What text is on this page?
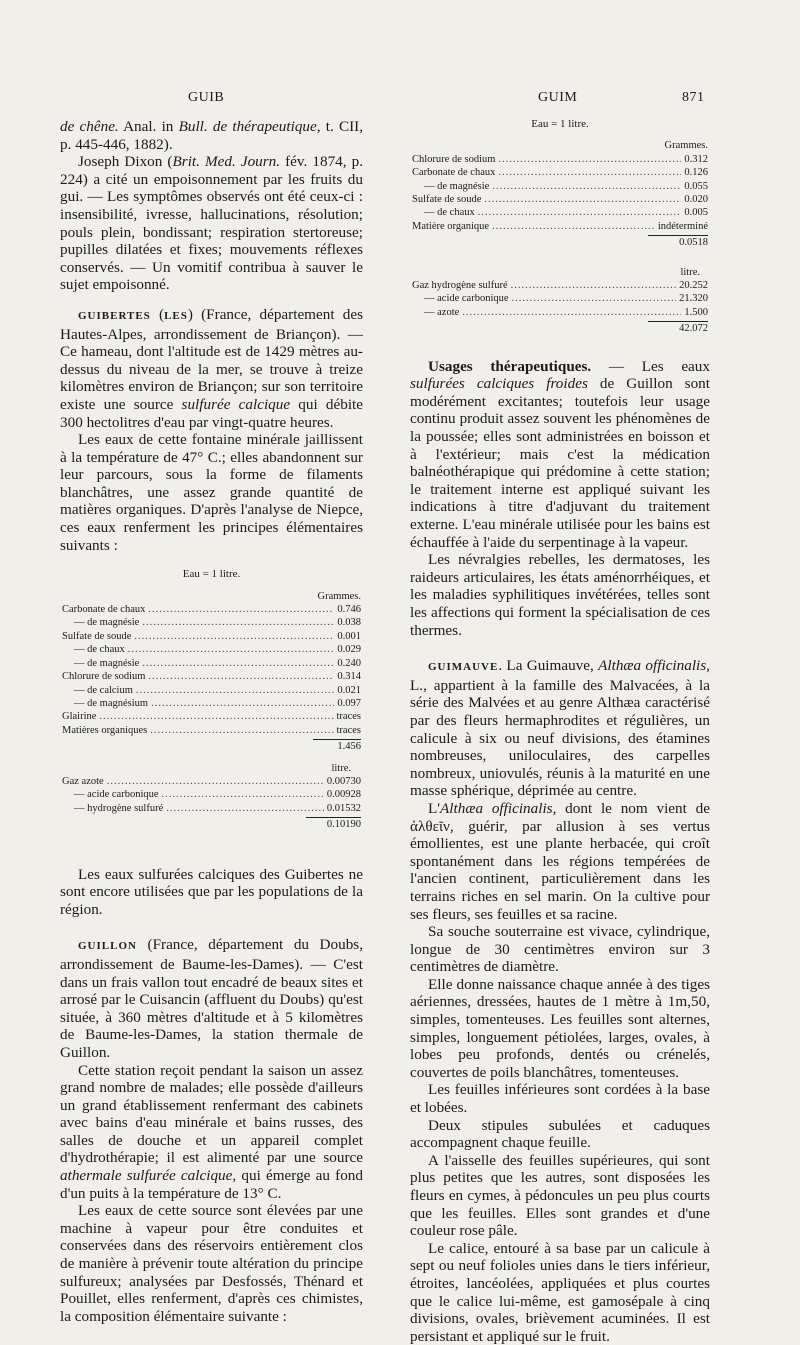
GUIB	GUIM	871

de chêne. Anal. in Bull. de thérapeutique, t. CII, p. 445-446, 1882).

Joseph Dixon (Brit. Med. Journ. fév. 1874, p. 224) a cité un empoisonnement par les fruits du gui. — Les symptômes observés ont été ceux-ci : insensibilité, ivresse, hallucinations, résolution; pouls plein, bondissant; respiration stertoreuse; pupilles dilatées et fixes; mouvements réflexes conservés. — Un vomitif contribua à sauver le sujet empoisonné.

GUIBERTES (LES) (France, département des Hautes-Alpes, arrondissement de Briançon). — Ce hameau, dont l'altitude est de 1429 mètres au-dessus du niveau de la mer, se trouve à treize kilomètres environ de Briançon; sur son territoire existe une source sulfurée calcique qui débite 300 hectolitres d'eau par vingt-quatre heures.

Les eaux de cette fontaine minérale jaillissent à la température de 47° C.; elles abandonnent sur leur parcours, sous la forme de filaments blanchâtres, une assez grande quantité de matières organiques. D'après l'analyse de Niepce, ces eaux renferment les principes élémentaires suivants :

Eau = 1 litre.
Grammes.
Carbonate de chaux .....	0.746
— de magnésie .....	0.038
Sulfate de soude .....	0.001
— de chaux .....	0.029
— de magnésie .....	0.240
Chlorure de sodium .....	0.314
— de calcium .....	0.021
— de magnésium .....	0.097
Glairine .....	traces
Matières organiques .....	traces
1.456
litre.
Gaz azote .....	0.00730
— acide carbonique .....	0.00928
— hydrogène sulfuré .....	0.01532
0.10190

Les eaux sulfurées calciques des Guibertes ne sont encore utilisées que par les populations de la région.

GUILLON (France, département du Doubs, arrondissement de Baume-les-Dames). — C'est dans un frais vallon tout encadré de beaux sites et arrosé par le Cuisancin (affluent du Doubs) qu'est située, à 360 mètres d'altitude et à 5 kilomètres de Baume-les-Dames, la station thermale de Guillon.

Cette station reçoit pendant la saison un assez grand nombre de malades; elle possède d'ailleurs un grand établissement renfermant des cabinets avec bains d'eau minérale et bains russes, des salles de douche et un appareil complet d'hydrothérapie; il est alimenté par une source athermale sulfurée calcique, qui émerge au fond d'un puits à la température de 13° C.

Les eaux de cette source sont élevées par une machine à vapeur pour être conduites et conservées dans des réservoirs entièrement clos de manière à prévenir toute altération du principe sulfureux; analysées par Desfossés, Thénard et Pouillet, elles renferment, d'après ces chimistes, la composition élémentaire suivante :

Eau = 1 litre.
Grammes.
Chlorure de sodium .....	0.312
Carbonate de chaux .....	0.126
— de magnésie .....	0.055
Sulfate de soude .....	0.020
— de chaux .....	0.005
Matière organique .....	indéterminé
0.0518
litre.
Gaz hydrogène sulfuré .....	20.252
— acide carbonique .....	21.320
— azote .....	1.500
42.072

Usages thérapeutiques. — Les eaux sulfurées calciques froides de Guillon sont modérément excitantes; toutefois leur usage continu produit assez souvent les phénomènes de la poussée; elles sont administrées en boisson et à l'extérieur; mais c'est la médication balnéothérapique qui prédomine à cette station; le traitement interne est appliqué suivant les indications à titre d'adjuvant du traitement externe. L'eau minérale utilisée pour les bains est échauffée à l'aide du serpentinage à la vapeur.

Les névralgies rebelles, les dermatoses, les raideurs articulaires, les états aménorrhéiques, et les maladies syphilitiques invétérées, telles sont les affections qui forment la spécialisation de ces thermes.

GUIMAUVE. La Guimauve, Althæa officinalis, L., appartient à la famille des Malvacées, à la série des Malvées et au genre Althæa caractérisé par des fleurs hermaphrodites et régulières, un calicule à six ou neuf divisions, des étamines nombreuses, uniloculaires, des carpelles nombreux, uniovulés, réunis à la maturité en une masse sphérique, déprimée au centre.

L'Althæa officinalis, dont le nom vient de ἀλθεῖν, guérir, par allusion à ses vertus émollientes, est une plante herbacée, qui croît spontanément dans les régions tempérées de l'ancien continent, particulièrement dans les terrains riches en sel marin. On la cultive pour ses fleurs, ses feuilles et sa racine.

Sa souche souterraine est vivace, cylindrique, longue de 30 centimètres environ sur 3 centimètres de diamètre.

Elle donne naissance chaque année à des tiges aériennes, dressées, hautes de 1 mètre à 1m,50, simples, tomenteuses. Les feuilles sont alternes, simples, longuement pétiolées, larges, ovales, à lobes peu profonds, dentés ou crénelés, couvertes de poils blanchâtres, tomenteuses.

Les feuilles inférieures sont cordées à la base et lobées.

Deux stipules subulées et caduques accompagnent chaque feuille.

A l'aisselle des feuilles supérieures, qui sont plus petites que les autres, sont disposées les fleurs en cymes, à pédoncules un peu plus courts que les feuilles. Elles sont grandes et d'une couleur rose pâle.

Le calice, entouré à sa base par un calicule à sept ou neuf folioles unies dans le tiers inférieur, étroites, lancéolées, appliquées et plus courtes que le calice lui-même, est gamosépale à cinq divisions, ovales, brièvement acuminées. Il est persistant et appliqué sur le fruit.
